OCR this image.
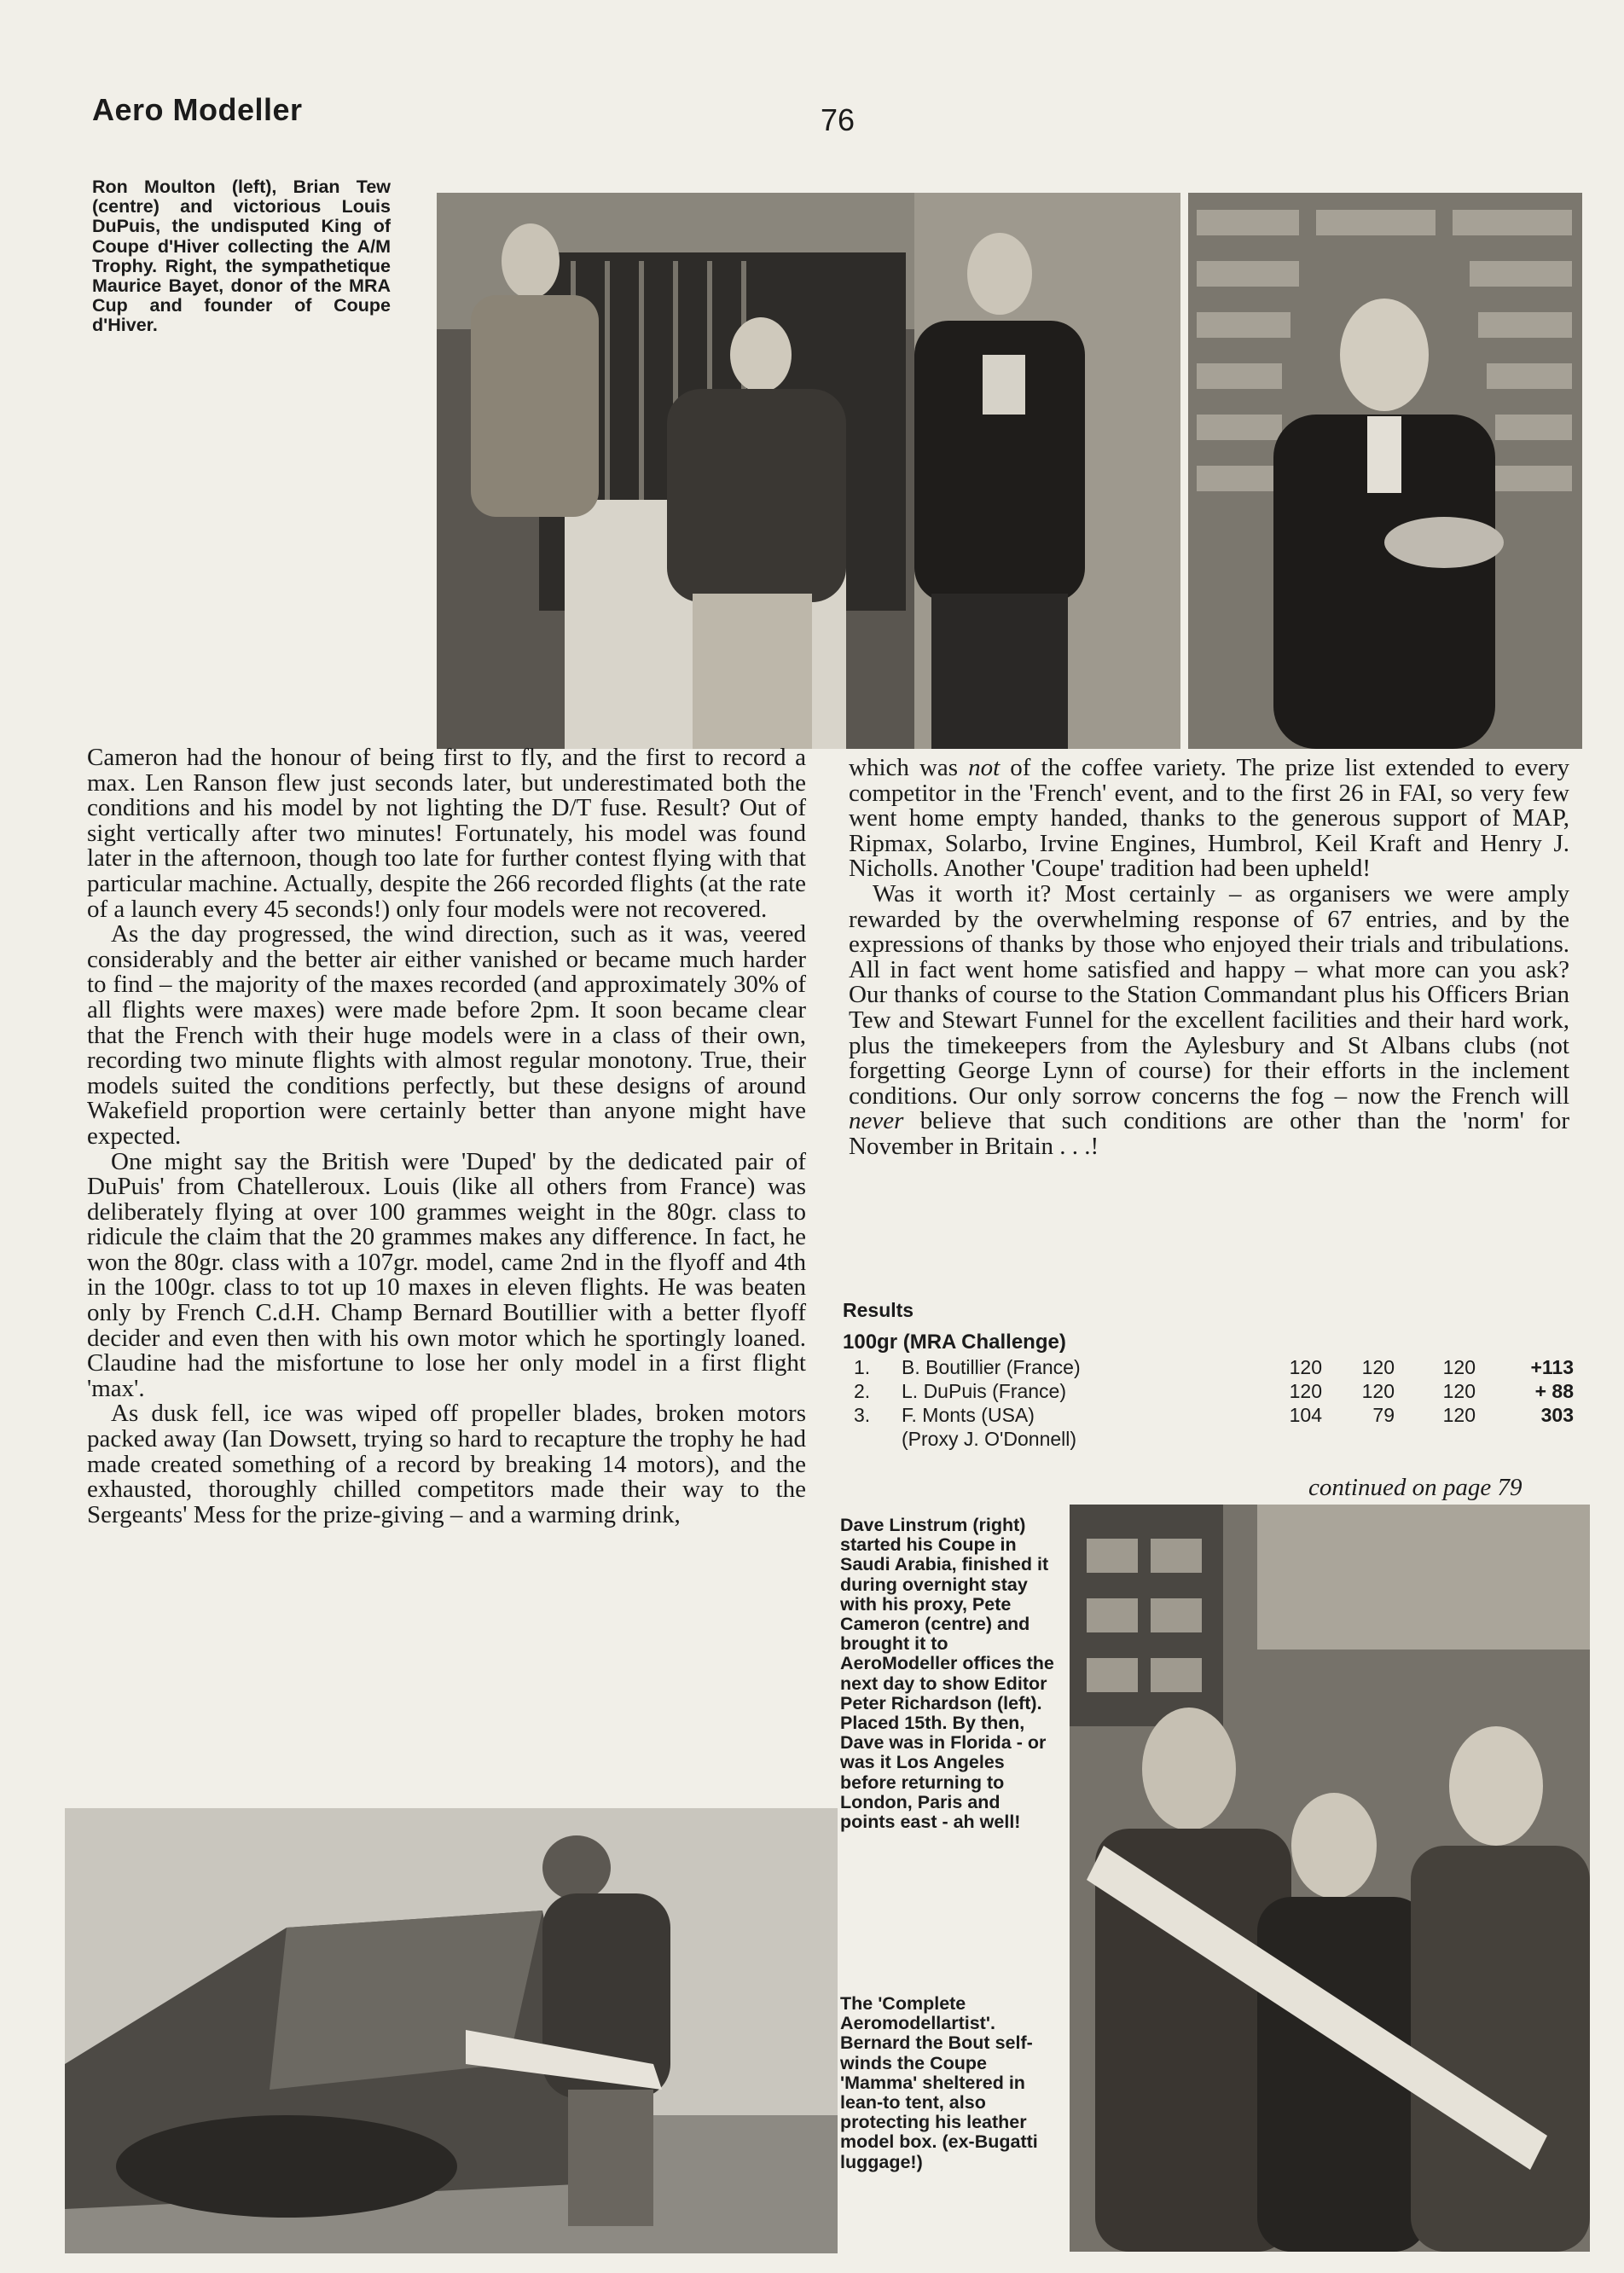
Aero Modeller	76

Ron Moulton (left), Brian Tew (centre) and victorious Louis DuPuis, the undisputed King of Coupe d'Hiver collecting the A/M Trophy. Right, the sympathetique Maurice Bayet, donor of the MRA Cup and founder of Coupe d'Hiver.

Cameron had the honour of being first to fly, and the first to record a max. Len Ranson flew just seconds later, but underestimated both the conditions and his model by not lighting the D/T fuse. Result? Out of sight vertically after two minutes! Fortunately, his model was found later in the afternoon, though too late for further contest flying with that particular machine. Actually, despite the 266 recorded flights (at the rate of a launch every 45 seconds!) only four models were not recovered.

As the day progressed, the wind direction, such as it was, veered considerably and the better air either vanished or became much harder to find – the majority of the maxes recorded (and approximately 30% of all flights were maxes) were made before 2pm. It soon became clear that the French with their huge models were in a class of their own, recording two minute flights with almost regular monotony. True, their models suited the conditions perfectly, but these designs of around Wakefield proportion were certainly better than anyone might have expected.

One might say the British were 'Duped' by the dedicated pair of DuPuis' from Chatelleroux. Louis (like all others from France) was deliberately flying at over 100 grammes weight in the 80gr. class to ridicule the claim that the 20 grammes makes any difference. In fact, he won the 80gr. class with a 107gr. model, came 2nd in the flyoff and 4th in the 100gr. class to tot up 10 maxes in eleven flights. He was beaten only by French C.d.H. Champ Bernard Boutillier with a better flyoff decider and even then with his own motor which he sportingly loaned. Claudine had the misfortune to lose her only model in a first flight 'max'.

As dusk fell, ice was wiped off propeller blades, broken motors packed away (Ian Dowsett, trying so hard to recapture the trophy he had made created something of a record by breaking 14 motors), and the exhausted, thoroughly chilled competitors made their way to the Sergeants' Mess for the prize-giving – and a warming drink,

which was not of the coffee variety. The prize list extended to every competitor in the 'French' event, and to the first 26 in FAI, so very few went home empty handed, thanks to the generous support of MAP, Ripmax, Solarbo, Irvine Engines, Humbrol, Keil Kraft and Henry J. Nicholls. Another 'Coupe' tradition had been upheld!

Was it worth it? Most certainly – as organisers we were amply rewarded by the overwhelming response of 67 entries, and by the expressions of thanks by those who enjoyed their trials and tribulations. All in fact went home satisfied and happy – what more can you ask? Our thanks of course to the Station Commandant plus his Officers Brian Tew and Stewart Funnel for the excellent facilities and their hard work, plus the timekeepers from the Aylesbury and St Albans clubs (not forgetting George Lynn of course) for their efforts in the inclement conditions. Our only sorrow concerns the fog – now the French will never believe that such conditions are other than the 'norm' for November in Britain . . .!

Results
100gr (MRA Challenge)
1. B. Boutillier (France)	120	120	120	+113
2. L. DuPuis (France)	120	120	120	+ 88
3. F. Monts (USA)	104	79	120	303
(Proxy J. O'Donnell)
continued on page 79

Dave Linstrum (right) started his Coupe in Saudi Arabia, finished it during overnight stay with his proxy, Pete Cameron (centre) and brought it to AeroModeller offices the next day to show Editor Peter Richardson (left). Placed 15th. By then, Dave was in Florida - or was it Los Angeles before returning to London, Paris and points east - ah well!

The 'Complete Aeromodellartist'. Bernard the Bout self-winds the Coupe 'Mamma' sheltered in lean-to tent, also protecting his leather model box. (ex-Bugatti luggage!)
